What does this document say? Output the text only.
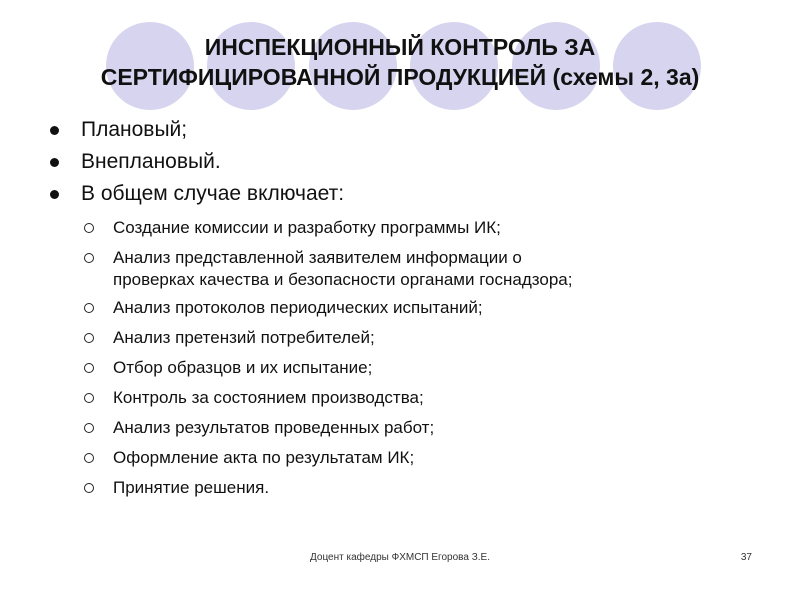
ИНСПЕКЦИОННЫЙ КОНТРОЛЬ ЗА
СЕРТИФИЦИРОВАННОЙ ПРОДУКЦИЕЙ (схемы 2, 3а)
Плановый;
Внеплановый.
В общем случае включает:
Создание комиссии и разработку программы ИК;
Анализ представленной заявителем информации о
проверках качества и безопасности органами госнадзора;
Анализ протоколов периодических испытаний;
Анализ претензий потребителей;
Отбор образцов и их испытание;
Контроль за состоянием производства;
Анализ результатов проведенных работ;
Оформление акта по результатам ИК;
Принятие решения.
Доцент кафедры ФХМСП Егорова З.Е.	37
